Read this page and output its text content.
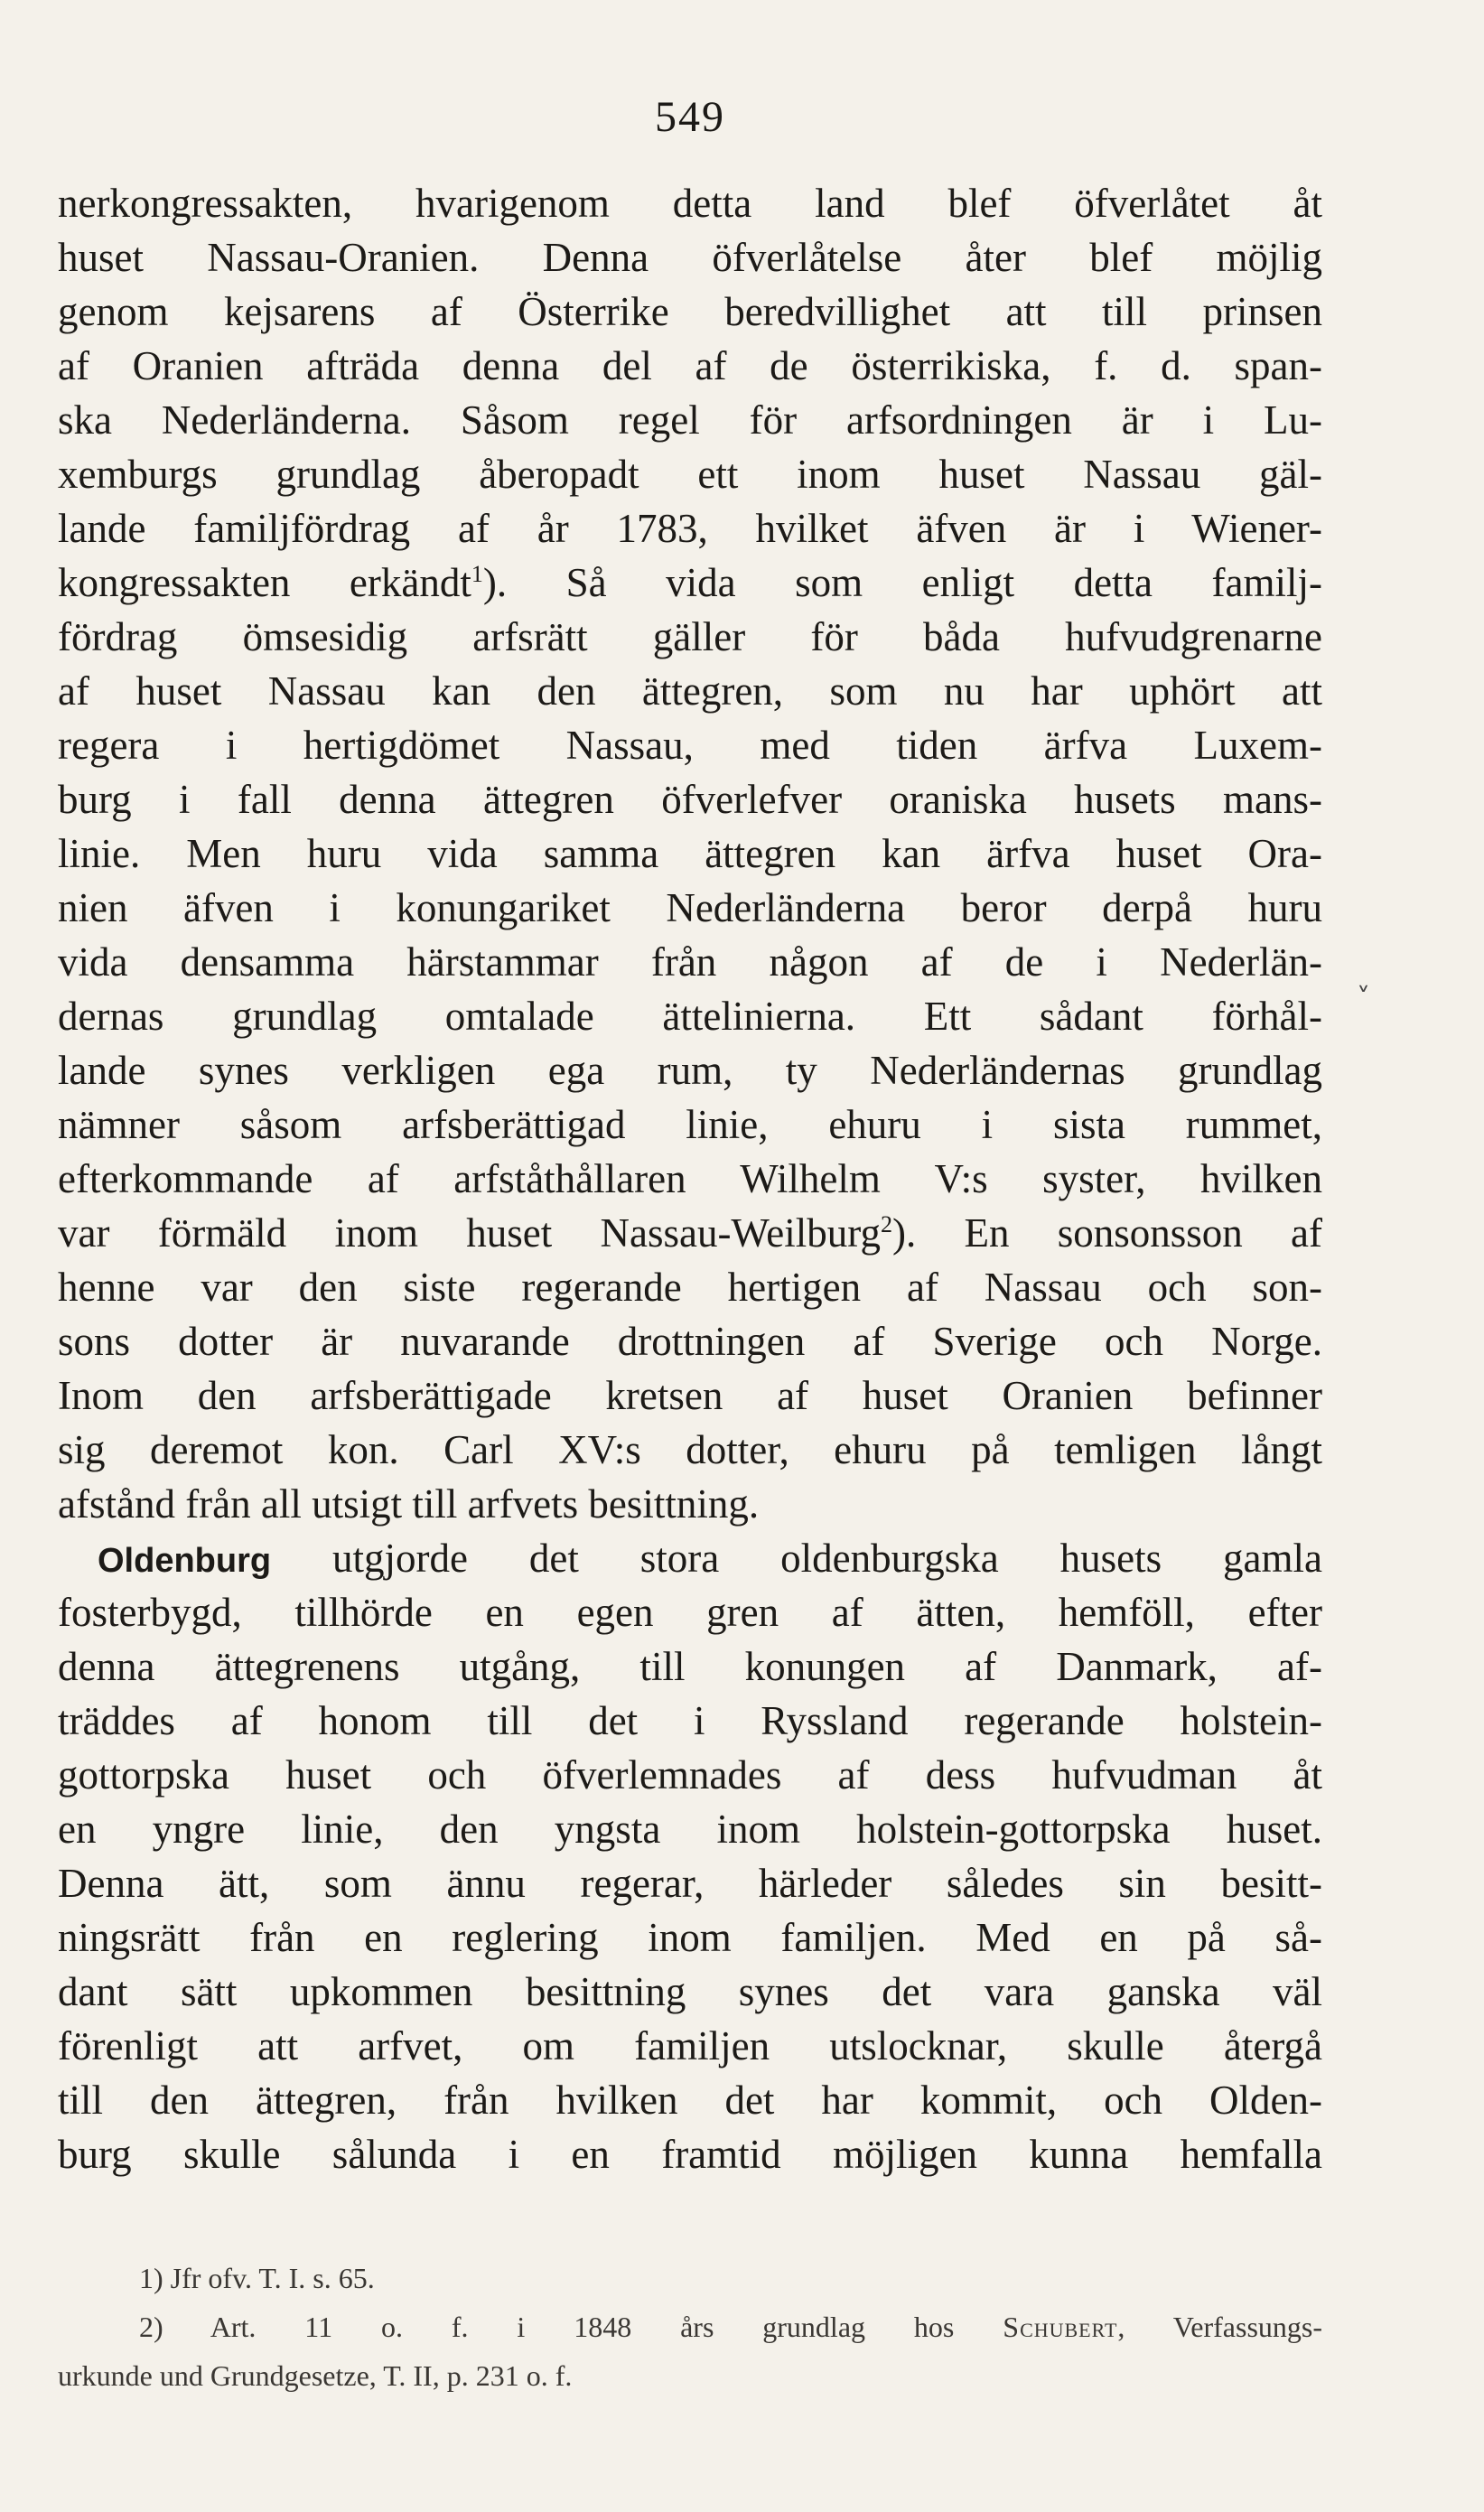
549
nerkongressakten, hvarigenom detta land blef öfverlåtet åt
huset Nassau-Oranien. Denna öfverlåtelse åter blef möjlig
genom kejsarens af Österrike beredvillighet att till prinsen
af Oranien afträda denna del af de österrikiska, f. d. span-
ska Nederländerna. Såsom regel för arfsordningen är i Lu-
xemburgs grundlag åberopadt ett inom huset Nassau gäl-
lande familjfördrag af år 1783, hvilket äfven är i Wiener-
kongressakten erkändt$^1$). Så vida som enligt detta familj-
fördrag ömsesidig arfsrätt gäller för båda hufvudgrenarne
af huset Nassau kan den ättegren, som nu har uphört att
regera i hertigdömet Nassau, med tiden ärfva Luxem-
burg i fall denna ättegren öfverlefver oraniska husets mans-
linie. Men huru vida samma ättegren kan ärfva huset Ora-
nien äfven i konungariket Nederländerna beror derpå huru
vida densamma härstammar från någon af de i Nederlän-
dernas grundlag omtalade ättelinierna. Ett sådant förhål-
lande synes verkligen ega rum, ty Nederländernas grundlag
nämner såsom arfsberättigad linie, ehuru i sista rummet,
efterkommande af arfståthållaren Wilhelm V:s syster, hvilken
var förmäld inom huset Nassau-Weilburg$^2$). En sonsonsson af
henne var den siste regerande hertigen af Nassau och son-
sons dotter är nuvarande drottningen af Sverige och Norge.
Inom den arfsberättigade kretsen af huset Oranien befinner
sig deremot kon. Carl XV:s dotter, ehuru på temligen långt
afstånd från all utsigt till arfvets besittning.
Oldenburg utgjorde det stora oldenburgska husets gamla
fosterbygd, tillhörde en egen gren af ätten, hemföll, efter
denna ättegrenens utgång, till konungen af Danmark, af-
träddes af honom till det i Ryssland regerande holstein-
gottorpska huset och öfverlemnades af dess hufvudman åt
en yngre linie, den yngsta inom holstein-gottorpska huset.
Denna ätt, som ännu regerar, härleder således sin besitt-
ningsrätt från en reglering inom familjen. Med en på så-
dant sätt upkommen besittning synes det vara ganska väl
förenligt att arfvet, om familjen utslocknar, skulle återgå
till den ättegren, från hvilken det har kommit, och Olden-
burg skulle sålunda i en framtid möjligen kunna hemfalla
1) Jfr ofv. T. I. s. 65.
2) Art. 11 o. f. i 1848 års grundlag hos Schubert, Verfassungs-
urkunde und Grundgesetze, T. II, p. 231 o. f.
˅
